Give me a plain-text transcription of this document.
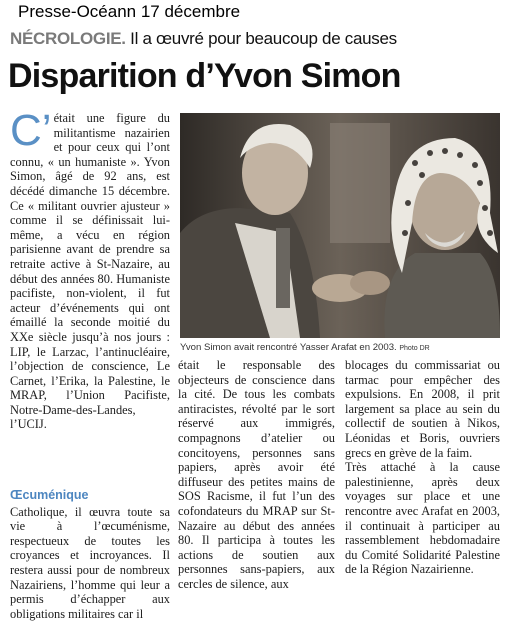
Presse-Océann 17 décembre
NÉCROLOGIE. Il a œuvré pour beaucoup de causes
Disparition d’Yvon Simon

C’était une figure du militantisme nazairien et pour ceux qui l’ont connu, « un humaniste ». Yvon Simon, âgé de 92 ans, est décédé dimanche 15 décembre. Ce « militant ouvrier ajusteur » comme il se définissait lui-même, a vécu en région parisienne avant de prendre sa retraite active à St-Nazaire, au début des années 80. Humaniste pacifiste, non-violent, il fut acteur d’événements qui ont émaillé la seconde moitié du XXe siècle jusqu’à nos jours : LIP, le Larzac, l’antinucléaire, l’objection de conscience, Le Carnet, l’Erika, la Palestine, le MRAP, l’Union Pacifiste, Notre-Dame-des-Landes, l’UCIJ.

Œcuménique

Catholique, il œuvra toute sa vie à l’œcuménisme, respectueux de toutes les croyances et incroyances. Il restera aussi pour de nombreux Nazairiens, l’homme qui leur a permis d’échapper aux obligations militaires car il

Yvon Simon avait rencontré Yasser Arafat en 2003. Photo DR

était le responsable des objecteurs de conscience dans la cité. De tous les combats antiracistes, révolté par le sort réservé aux immigrés, compagnons d’atelier ou concitoyens, personnes sans papiers, après avoir été diffuseur des petites mains de SOS Racisme, il fut l’un des cofondateurs du MRAP sur St-Nazaire au début des années 80. Il participa à toutes les actions de soutien aux personnes sans-papiers, aux cercles de silence, aux

blocages du commissariat ou tarmac pour empêcher des expulsions. En 2008, il prit largement sa place au sein du collectif de soutien à Nikos, Léonidas et Boris, ouvriers grecs en grève de la faim.

Très attaché à la cause palestinienne, après deux voyages sur place et une rencontre avec Arafat en 2003, il continuait à participer au rassemblement hebdomadaire du Comité Solidarité Palestine de la Région Nazairienne.
